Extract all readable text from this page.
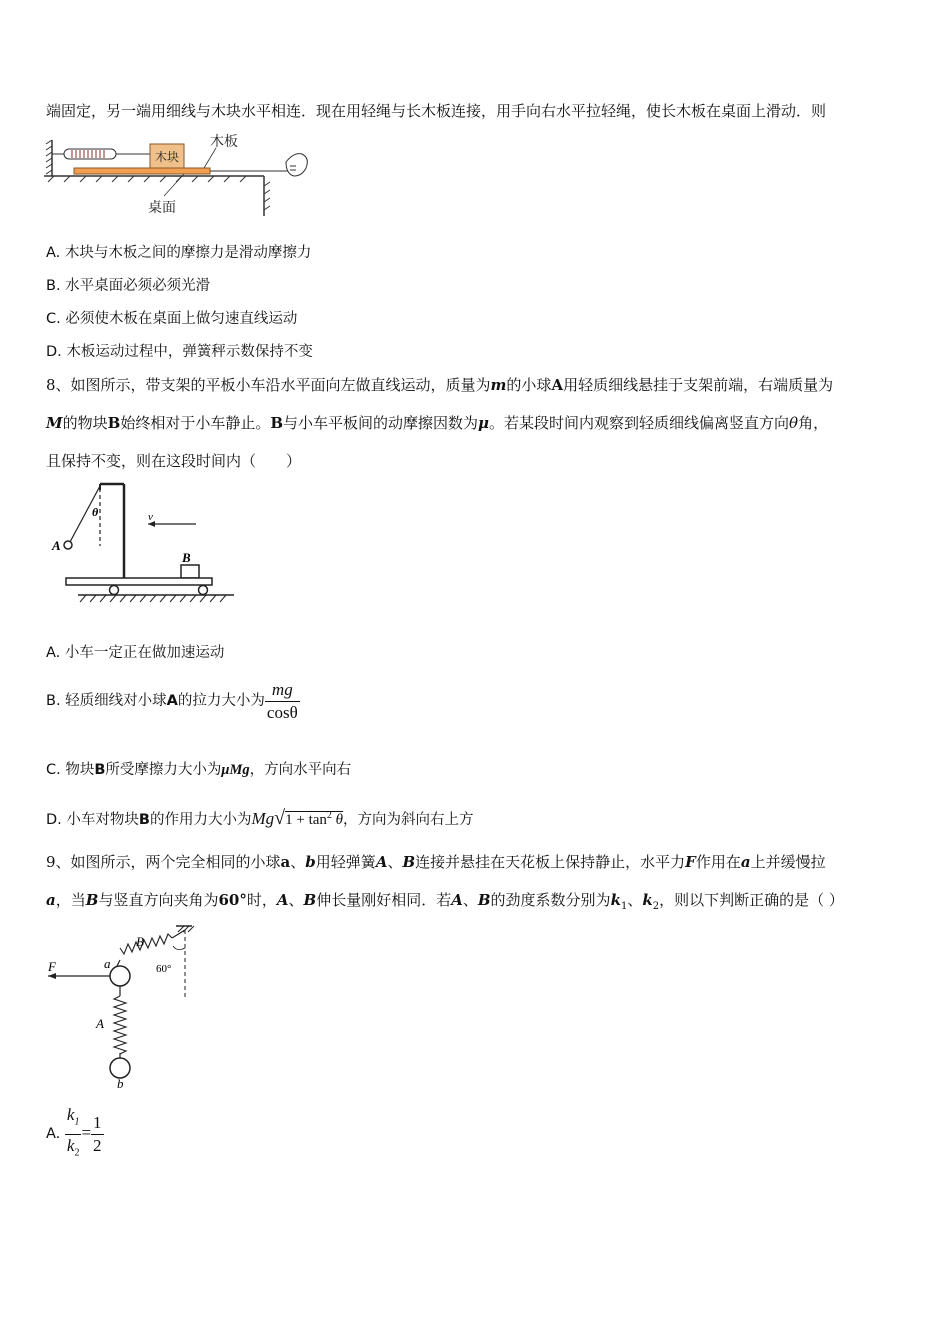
端固定，另一端用细线与木块水平相连．现在用轻绳与长木板连接，用手向右水平拉轻绳，使长木板在桌面上滑动．则
木块
木板
桌面
A. 木块与木板之间的摩擦力是滑动摩擦力
B. 水平桌面必须必须光滑
C. 必须使木板在桌面上做匀速直线运动
D. 木板运动过程中，弹簧秤示数保持不变
8、如图所示，带支架的平板小车沿水平面向左做直线运动，质量为m的小球A用轻质细线悬挂于支架前端，右端质量为
M的物块B始终相对于小车静止。B与小车平板间的动摩擦因数为μ。若某段时间内观察到轻质细线偏离竖直方向θ角，
且保持不变，则在这段时间内（　　）
θ
A
v
B
A. 小车一定正在做加速运动
B. 轻质细线对小球A的拉力大小为 $\frac{mg}{\cos\theta}$
C. 物块B所受摩擦力大小为μMg，方向水平向右
D. 小车对物块B的作用力大小为$Mg√1 + \tan^2 \theta$，方向为斜向右上方
9、如图所示，两个完全相同的小球a、b用轻弹簧A、B连接并悬挂在天花板上保持静止，水平力F作用在a上并缓慢拉
a，当B与竖直方向夹角为60°时，A、B伸长量刚好相同．若A、B的劲度系数分别为$k_1$、$k_2$，则以下判断正确的是（ ）
60°
B
a
F
A
b
A. $\frac{k_1}{k_2} = \frac{1}{2}$
